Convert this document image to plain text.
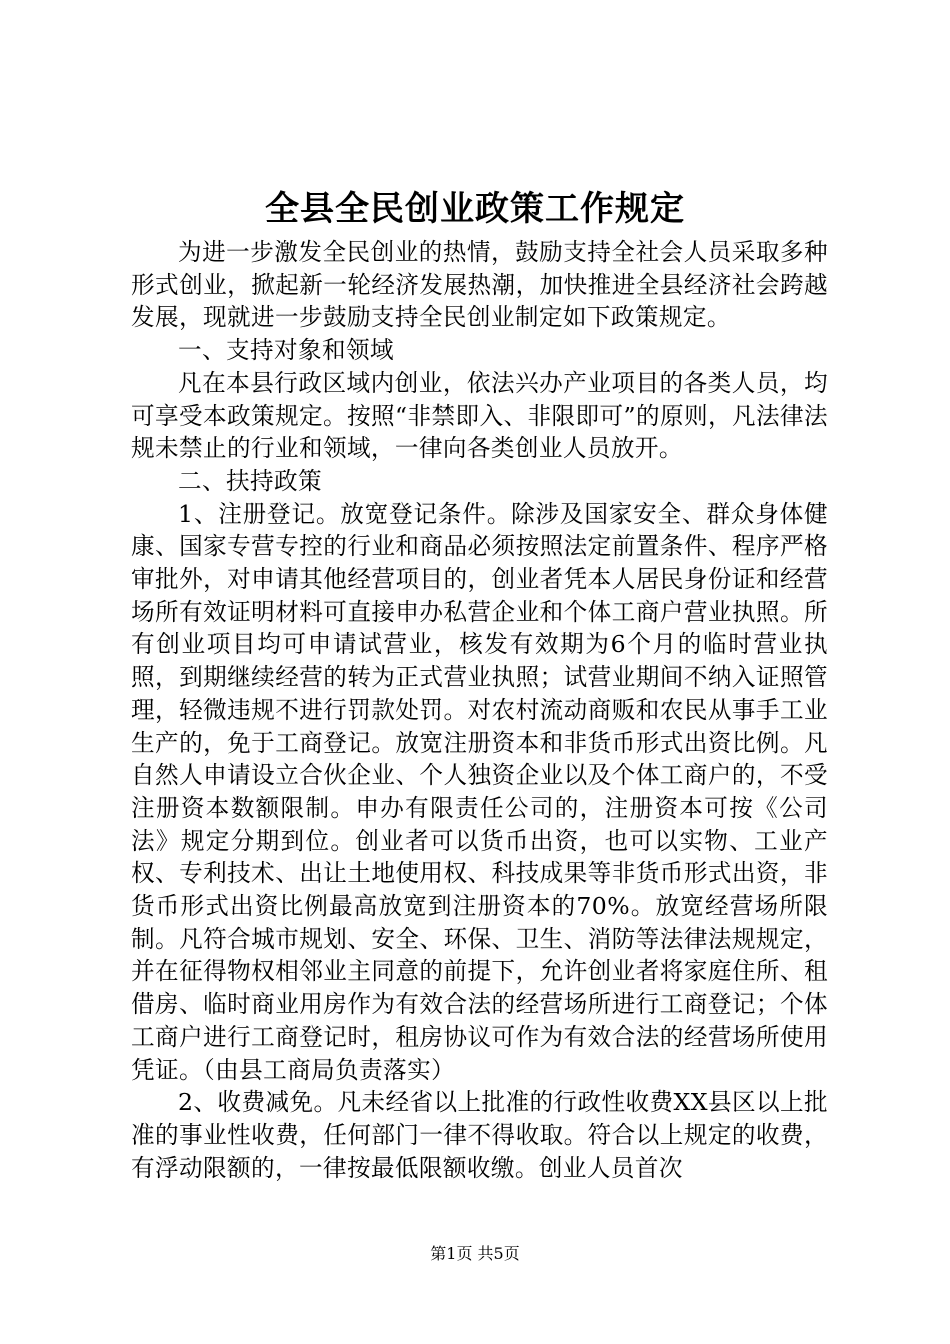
全县全民创业政策工作规定

为进一步激发全民创业的热情，鼓励支持全社会人员采取多种形式创业，掀起新一轮经济发展热潮，加快推进全县经济社会跨越发展，现就进一步鼓励支持全民创业制定如下政策规定。

一、支持对象和领域

凡在本县行政区域内创业，依法兴办产业项目的各类人员，均可享受本政策规定。按照“非禁即入、非限即可”的原则，凡法律法规未禁止的行业和领域，一律向各类创业人员放开。

二、扶持政策

1、注册登记。放宽登记条件。除涉及国家安全、群众身体健康、国家专营专控的行业和商品必须按照法定前置条件、程序严格审批外，对申请其他经营项目的，创业者凭本人居民身份证和经营场所有效证明材料可直接申办私营企业和个体工商户营业执照。所有创业项目均可申请试营业，核发有效期为6个月的临时营业执照，到期继续经营的转为正式营业执照；试营业期间不纳入证照管理，轻微违规不进行罚款处罚。对农村流动商贩和农民从事手工业生产的，免于工商登记。放宽注册资本和非货币形式出资比例。凡自然人申请设立合伙企业、个人独资企业以及个体工商户的，不受注册资本数额限制。申办有限责任公司的，注册资本可按《公司法》规定分期到位。创业者可以货币出资，也可以实物、工业产权、专利技术、出让土地使用权、科技成果等非货币形式出资，非货币形式出资比例最高放宽到注册资本的70%。放宽经营场所限制。凡符合城市规划、安全、环保、卫生、消防等法律法规规定，并在征得物权相邻业主同意的前提下，允许创业者将家庭住所、租借房、临时商业用房作为有效合法的经营场所进行工商登记；个体工商户进行工商登记时，租房协议可作为有效合法的经营场所使用凭证。（由县工商局负责落实）

2、收费减免。凡未经省以上批准的行政性收费XX县区以上批准的事业性收费，任何部门一律不得收取。符合以上规定的收费，有浮动限额的，一律按最低限额收缴。创业人员首次

第1页 共5页
